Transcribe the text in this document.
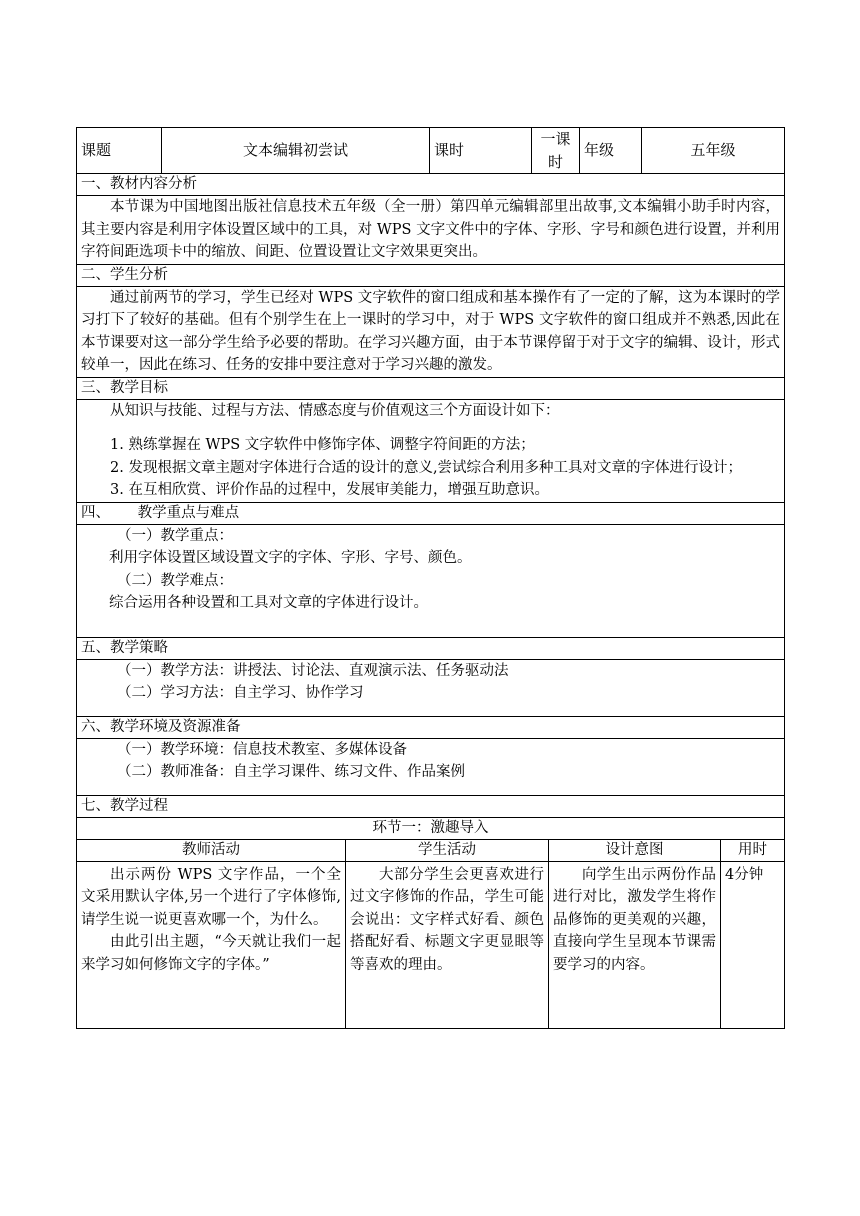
课题	文本编辑初尝试	课时	一课时	年级	五年级
一、教材内容分析

本节课为中国地图出版社信息技术五年级（全一册）第四单元编辑部里出故事,文本编辑小助手时内容，其主要内容是利用字体设置区域中的工具，对 WPS 文字文件中的字体、字形、字号和颜色进行设置，并利用字符间距选项卡中的缩放、间距、位置设置让文字效果更突出。

二、学生分析

通过前两节的学习，学生已经对 WPS 文字软件的窗口组成和基本操作有了一定的了解，这为本课时的学习打下了较好的基础。但有个别学生在上一课时的学习中，对于 WPS 文字软件的窗口组成并不熟悉,因此在本节课要对这一部分学生给予必要的帮助。在学习兴趣方面，由于本节课停留于对于文字的编辑、设计，形式较单一，因此在练习、任务的安排中要注意对于学习兴趣的激发。

三、教学目标

从知识与技能、过程与方法、情感态度与价值观这三个方面设计如下：

1. 熟练掌握在 WPS 文字软件中修饰字体、调整字符间距的方法；

2. 发现根据文章主题对字体进行合适的设计的意义,尝试综合利用多种工具对文章的字体进行设计；

3. 在互相欣赏、评价作品的过程中，发展审美能力，增强互助意识。

四、      教学重点与难点

（一）教学重点：
利用字体设置区域设置文字的字体、字形、字号、颜色。
（二）教学难点：
综合运用各种设置和工具对文章的字体进行设计。

五、教学策略

（一）教学方法：讲授法、讨论法、直观演示法、任务驱动法
（二）学习方法：自主学习、协作学习

六、教学环境及资源准备

（一）教学环境：信息技术教室、多媒体设备
（二）教师准备：自主学习课件、练习文件、作品案例

七、教学过程
环节一：激趣导入
教师活动	学生活动	设计意图	用时

出示两份 WPS 文字作品，一个全文采用默认字体,另一个进行了字体修饰,请学生说一说更喜欢哪一个，为什么。

由此引出主题，“今天就让我们一起来学习如何修饰文字的字体。”	大部分学生会更喜欢进行过文字修饰的作品，学生可能会说出：文字样式好看、颜色搭配好看、标题文字更显眼等等喜欢的理由。	向学生出示两份作品进行对比，激发学生将作品修饰的更美观的兴趣，直接向学生呈现本节课需要学习的内容。	4分钟
